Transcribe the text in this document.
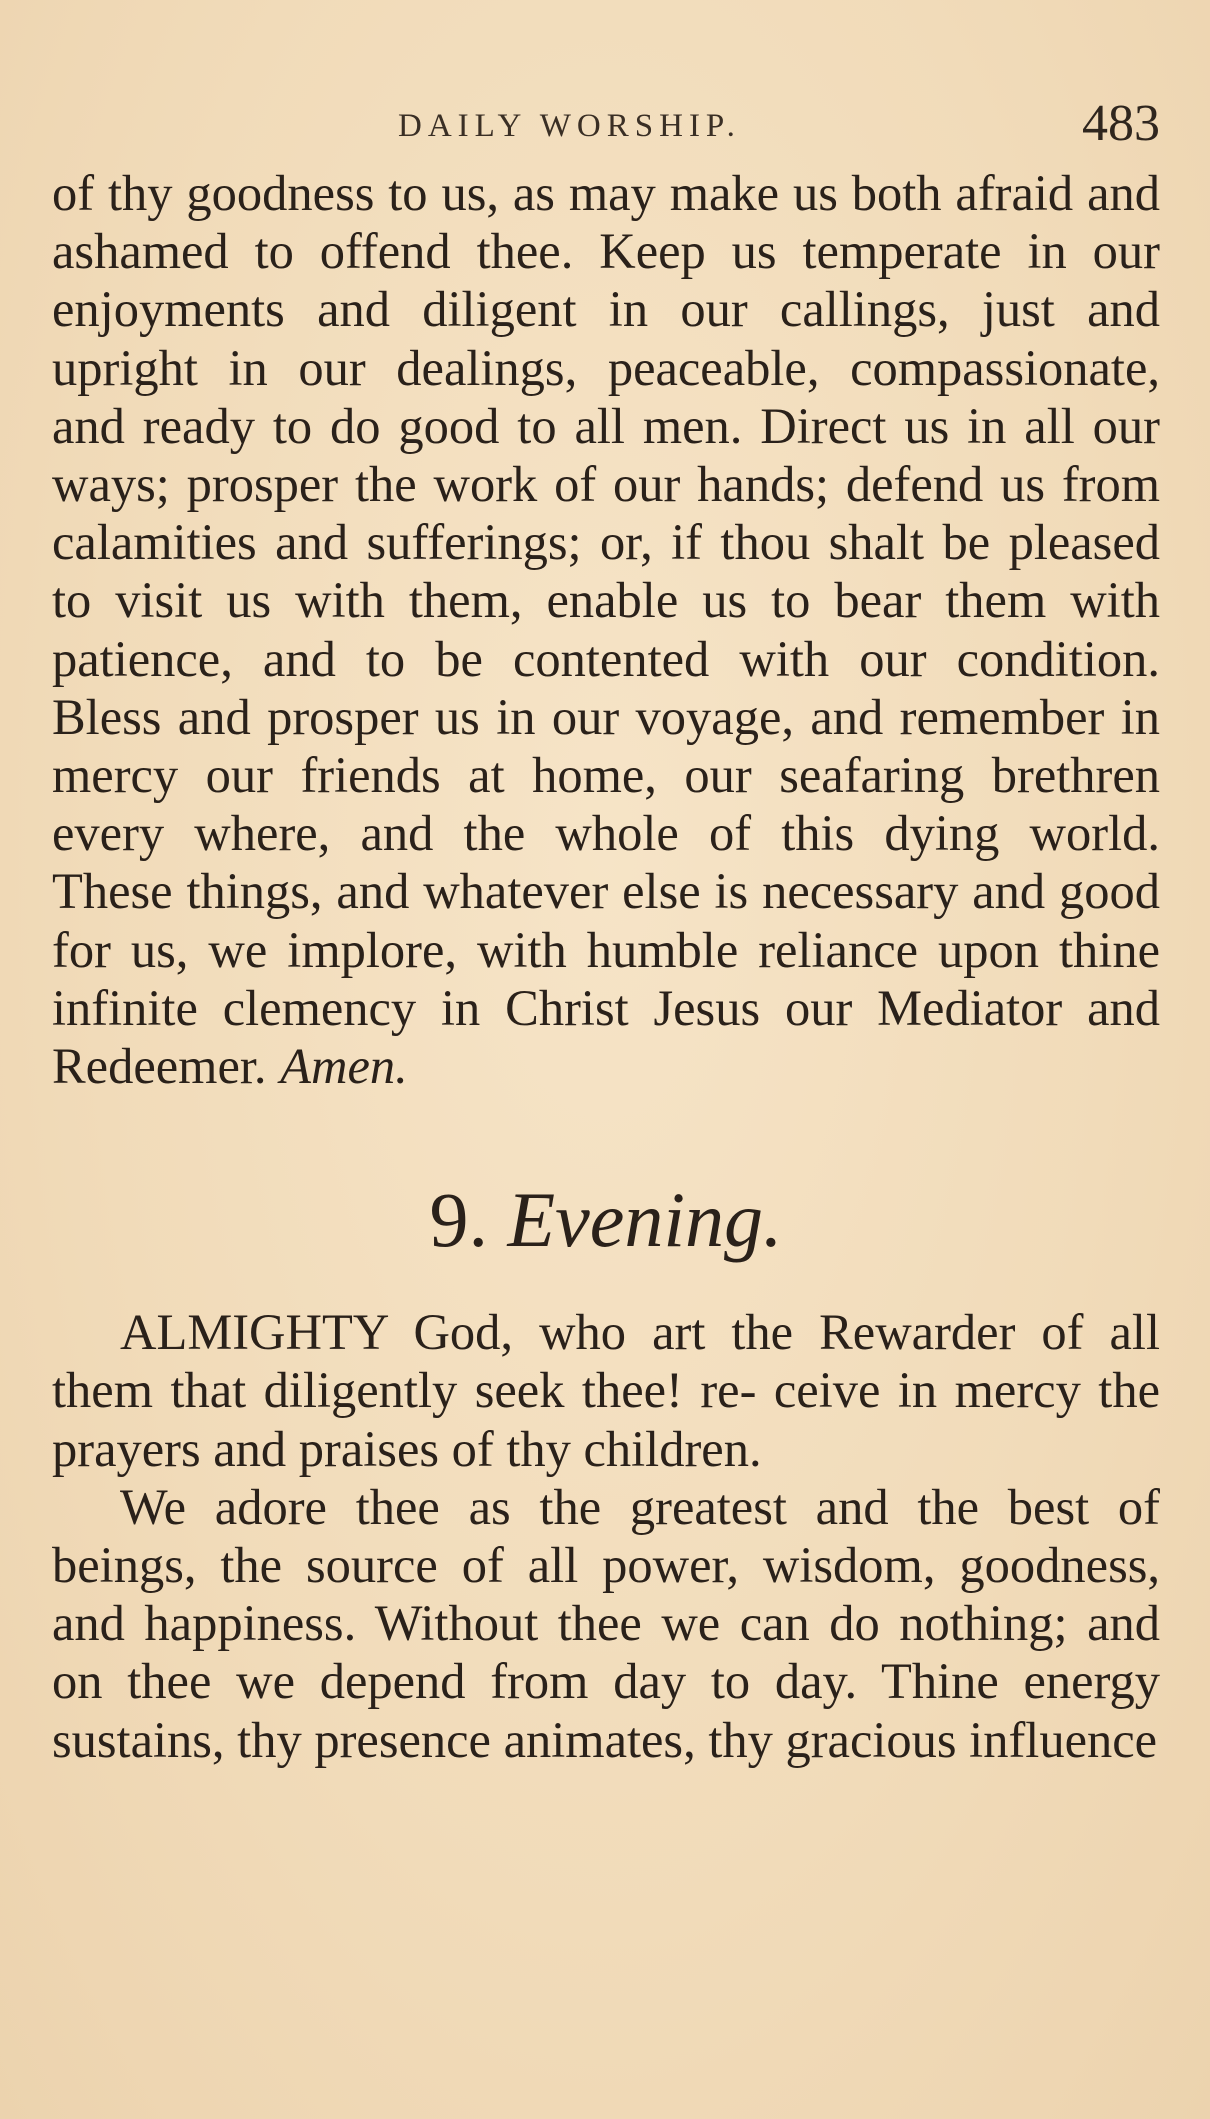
DAILY WORSHIP.	483

of thy goodness to us, as may make us both afraid and ashamed to offend thee. Keep us temperate in our enjoyments and diligent in our callings, just and upright in our dealings, peaceable, compassionate, and ready to do good to all men. Direct us in all our ways; prosper the work of our hands; defend us from calamities and sufferings; or, if thou shalt be pleased to visit us with them, enable us to bear them with patience, and to be contented with our condition. Bless and prosper us in our voyage, and remember in mercy our friends at home, our seafaring brethren every where, and the whole of this dying world. These things, and whatever else is necessary and good for us, we implore, with humble reliance upon thine infinite clemency in Christ Jesus our Mediator and Redeemer. Amen.

9. Evening.

ALMIGHTY God, who art the Rewarder of all them that diligently seek thee! re- ceive in mercy the prayers and praises of thy children.

We adore thee as the greatest and the best of beings, the source of all power, wisdom, goodness, and happiness. Without thee we can do nothing; and on thee we depend from day to day. Thine energy sustains, thy presence animates, thy gracious influence
